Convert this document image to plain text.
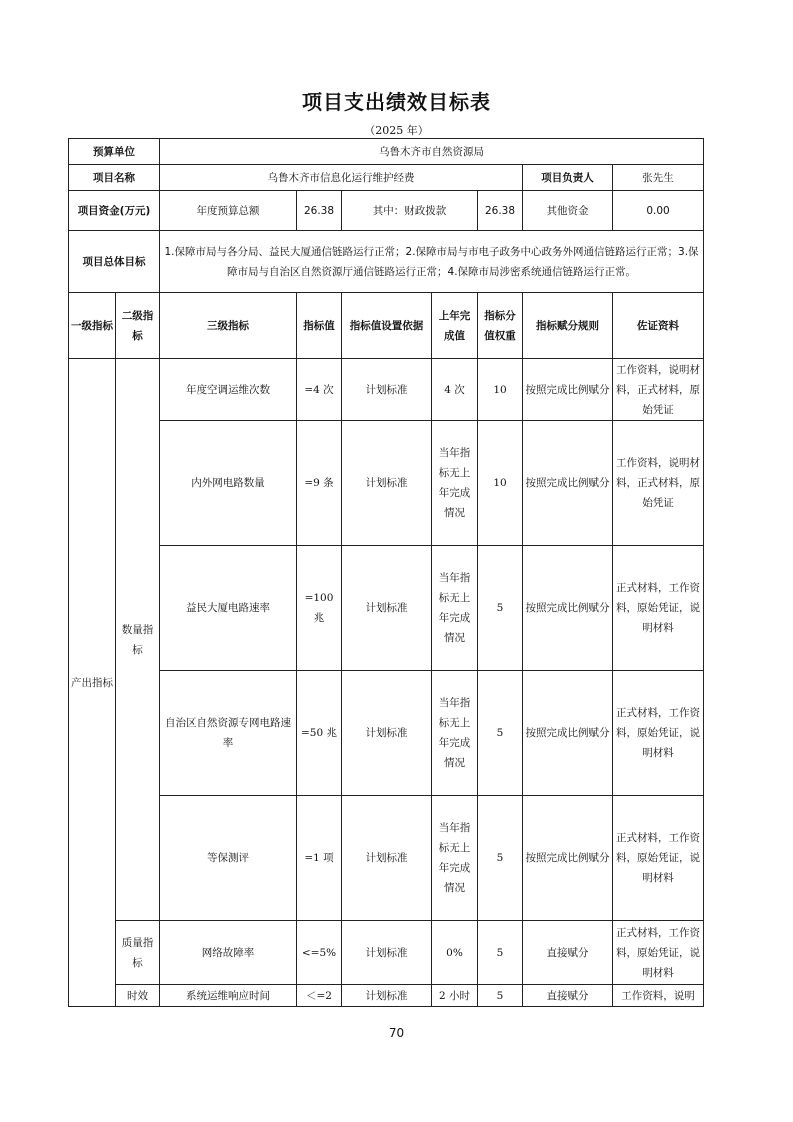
项目支出绩效目标表
（2025 年）
预算单位		乌鲁木齐市自然资源局						
项目名称		乌鲁木齐市信息化运行维护经费					项目负责人	张先生
项目资金(万元)		年度预算总额	26.38	其中：财政拨款		26.38	其他资金	0.00
项目总体目标		1.保障市局与各分局、益民大厦通信链路运行正常；2.保障市局与市电子政务中心政务外网通信链路运行正常；3.保障市局与自治区自然资源厅通信链路运行正常；4.保障市局涉密系统通信链路运行正常。						
一级指标	二级指标	三级指标	指标值	指标值设置依据	上年完成值	指标分值权重	指标赋分规则	佐证资料
产出指标	数量指标	年度空调运维次数	=4 次	计划标准	4 次	10	按照完成比例赋分	工作资料，说明材料，正式材料，原始凭证
		内外网电路数量	=9 条	计划标准	当年指标无上年完成情况	10	按照完成比例赋分	工作资料，说明材料，正式材料，原始凭证
		益民大厦电路速率	=100 兆	计划标准	当年指标无上年完成情况	5	按照完成比例赋分	正式材料，工作资料，原始凭证，说明材料
		自治区自然资源专网电路速率	=50 兆	计划标准	当年指标无上年完成情况	5	按照完成比例赋分	正式材料，工作资料，原始凭证，说明材料
		等保测评	=1 项	计划标准	当年指标无上年完成情况	5	按照完成比例赋分	正式材料，工作资料，原始凭证，说明材料
	质量指标	网络故障率	<=5%	计划标准	0%	5	直接赋分	正式材料，工作资料，原始凭证，说明材料
	时效	系统运维响应时间	＜=2	计划标准	2 小时	5	直接赋分	工作资料，说明
70
